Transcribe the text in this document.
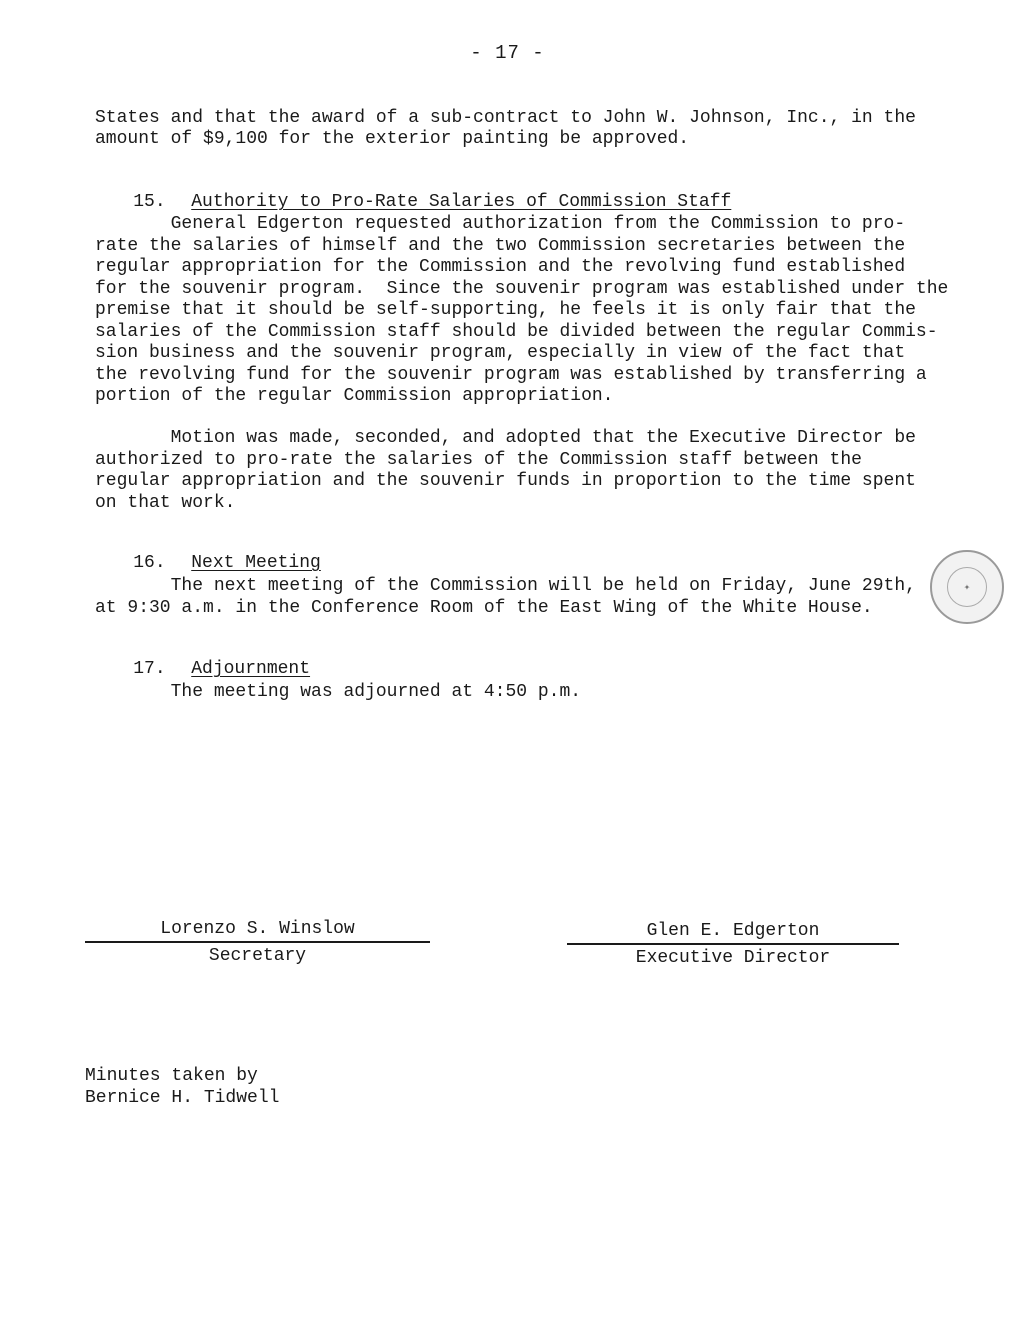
- 17 -
States and that the award of a sub-contract to John W. Johnson, Inc., in the
amount of $9,100 for the exterior painting be approved.

15. Authority to Pro-Rate Salaries of Commission Staff

General Edgerton requested authorization from the Commission to pro-
rate the salaries of himself and the two Commission secretaries between the
regular appropriation for the Commission and the revolving fund established
for the souvenir program.  Since the souvenir program was established under the
premise that it should be self-supporting, he feels it is only fair that the
salaries of the Commission staff should be divided between the regular Commis-
sion business and the souvenir program, especially in view of the fact that
the revolving fund for the souvenir program was established by transferring a
portion of the regular Commission appropriation.
Motion was made, seconded, and adopted that the Executive Director be
authorized to pro-rate the salaries of the Commission staff between the
regular appropriation and the souvenir funds in proportion to the time spent
on that work.

16. Next Meeting

The next meeting of the Commission will be held on Friday, June 29th,
at 9:30 a.m. in the Conference Room of the East Wing of the White House.

17. Adjournment

The meeting was adjourned at 4:50 p.m.
Lorenzo S. Winslow
Secretary
Glen E. Edgerton
Executive Director
Minutes taken by
Bernice H. Tidwell
✦
